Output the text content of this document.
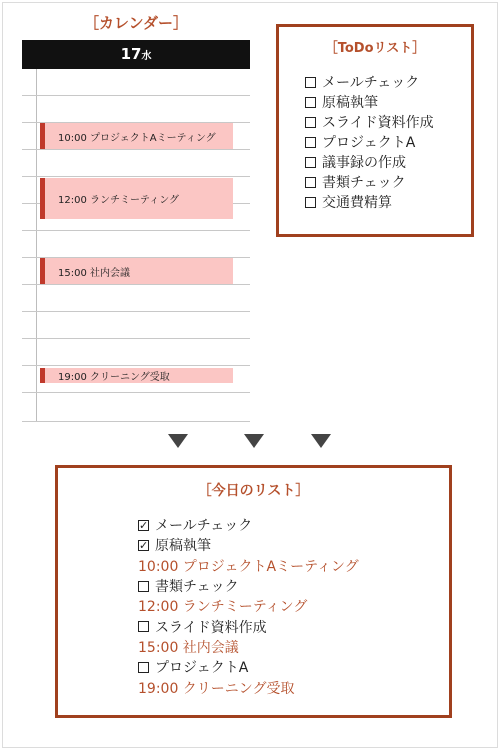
［カレンダー］
17水
10:00 プロジェクトAミーティング
12:00 ランチミーティング
15:00 社内会議
19:00 クリーニング受取
［ToDoリスト］
メールチェック
原稿執筆
スライド資料作成
プロジェクトA
議事録の作成
書類チェック
交通費精算
［今日のリスト］
✓ メールチェック
✓ 原稿執筆
10:00 プロジェクトAミーティング
書類チェック
12:00 ランチミーティング
スライド資料作成
15:00 社内会議
プロジェクトA
19:00 クリーニング受取
